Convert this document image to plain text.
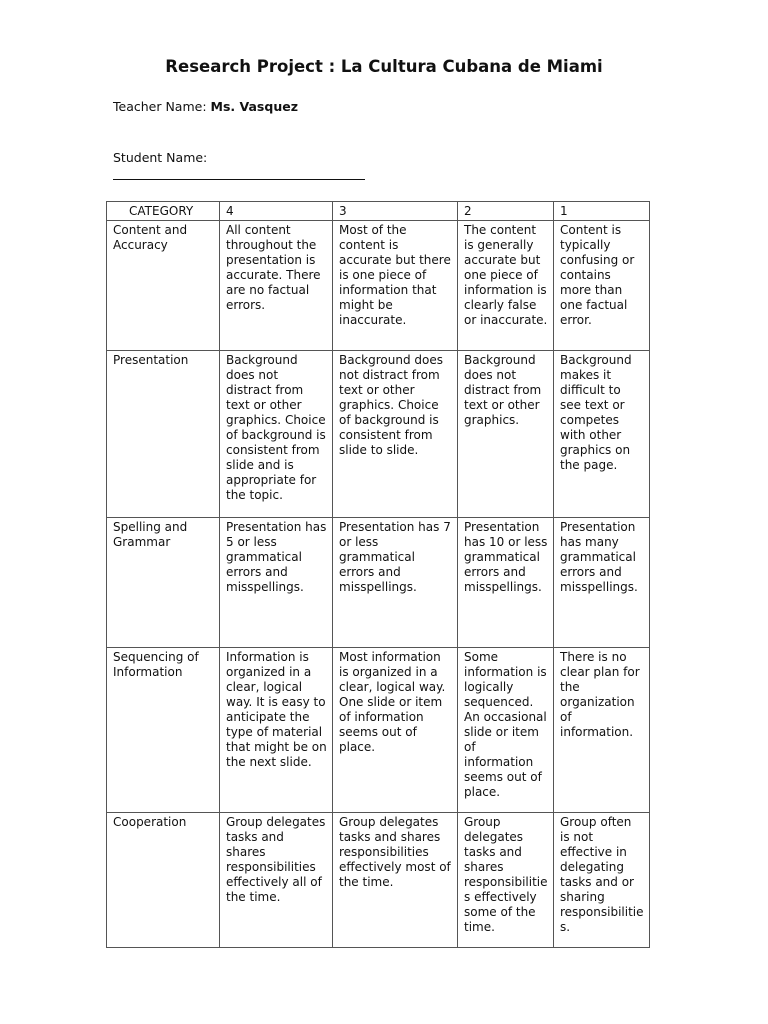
Research Project : La Cultura Cubana de Miami
Teacher Name: Ms. Vasquez
Student Name:
CATEGORY	4	3	2	1
Content and Accuracy	All content throughout the presentation is accurate. There are no factual errors.	Most of the content is accurate but there is one piece of information that might be inaccurate.	The content is generally accurate but one piece of information is clearly false or inaccurate.	Content is typically confusing or contains more than one factual error.
Presentation	Background does not distract from text or other graphics. Choice of background is consistent from slide and is appropriate for the topic.	Background does not distract from text or other graphics. Choice of background is consistent from slide to slide.	Background does not distract from text or other graphics.	Background makes it difficult to see text or competes with other graphics on the page.
Spelling and Grammar	Presentation has 5 or less grammatical errors and misspellings.	Presentation has 7 or less grammatical errors and misspellings.	Presentation has 10 or less grammatical errors and misspellings.	Presentation has many grammatical errors and misspellings.
Sequencing of Information	Information is organized in a clear, logical way. It is easy to anticipate the type of material that might be on the next slide.	Most information is organized in a clear, logical way. One slide or item of information seems out of place.	Some information is logically sequenced. An occasional slide or item of information seems out of place.	There is no clear plan for the organization of information.
Cooperation	Group delegates tasks and shares responsibilities effectively all of the time.	Group delegates tasks and shares responsibilities effectively most of the time.	Group delegates tasks and shares responsibilities effectively some of the time.	Group often is not effective in delegating tasks and or sharing responsibilities.
